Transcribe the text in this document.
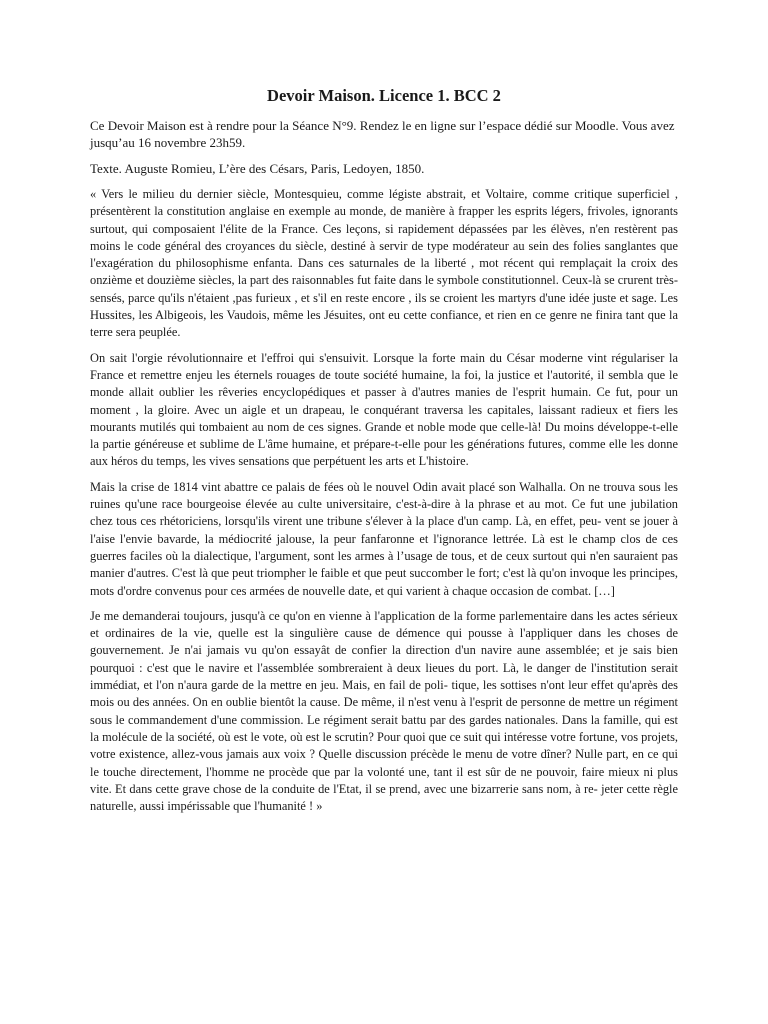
Devoir Maison. Licence 1. BCC 2

Ce Devoir Maison est à rendre pour la Séance N°9. Rendez le en ligne sur l’espace dédié sur Moodle. Vous avez jusqu’au 16 novembre 23h59.

Texte. Auguste Romieu, L’ère des Césars, Paris, Ledoyen, 1850.

« Vers le milieu du dernier siècle, Montesquieu, comme légiste abstrait, et Voltaire, comme critique superficiel , présentèrent la constitution anglaise en exemple au monde, de manière à frapper les esprits légers, frivoles, ignorants surtout, qui composaient l'élite de la France. Ces leçons, si rapidement dépassées par les élèves, n'en restèrent pas moins le code général des croyances du siècle, destiné à servir de type modérateur au sein des folies sanglantes que l'exagération du philosophisme enfanta. Dans ces saturnales de la liberté , mot récent qui remplaçait la croix des onzième et douzième siècles, la part des raisonnables fut faite dans le symbole constitutionnel. Ceux-là se crurent très-sensés, parce qu'ils n'étaient ,pas furieux , et s'il en reste encore , ils se croient les martyrs d'une idée juste et sage. Les Hussites, les Albigeois, les Vaudois, même les Jésuites, ont eu cette confiance, et rien en ce genre ne finira tant que la terre sera peuplée.

On sait l'orgie révolutionnaire et l'effroi qui s'ensuivit. Lorsque la forte main du César moderne vint régulariser la France et remettre enjeu les éternels rouages de toute société humaine, la foi, la justice et l'autorité, il sembla que le monde allait oublier les rêveries encyclopédiques et passer à d'autres manies de l'esprit humain. Ce fut, pour un moment , la gloire. Avec un aigle et un drapeau, le conquérant traversa les capitales, laissant radieux et fiers les mourants mutilés qui tombaient au nom de ces signes. Grande et noble mode que celle-là! Du moins développe-t-elle la partie généreuse et sublime de L'âme humaine, et prépare-t-elle pour les générations futures, comme elle les donne aux héros du temps, les vives sensations que perpétuent les arts et L'histoire.

Mais la crise de 1814 vint abattre ce palais de fées où le nouvel Odin avait placé son Walhalla. On ne trouva sous les ruines qu'une race bourgeoise élevée au culte universitaire, c'est-à-dire à la phrase et au mot. Ce fut une jubilation chez tous ces rhétoriciens, lorsqu'ils virent une tribune s'élever à la place d'un camp. Là, en effet, peu- vent se jouer à l'aise l'envie bavarde, la médiocrité jalouse, la peur fanfaronne et l'ignorance lettrée. Là est le champ clos de ces guerres faciles où la dialectique, l'argument, sont les armes à l’usage de tous, et de ceux surtout qui n'en sauraient pas manier d'autres. C'est là que peut triompher le faible et que peut succomber le fort; c'est là qu'on invoque les principes, mots d'ordre convenus pour ces armées de nouvelle date, et qui varient à chaque occasion de combat. […]

Je me demanderai toujours, jusqu'à ce qu'on en vienne à l'application de la forme parlementaire dans les actes sérieux et ordinaires de la vie, quelle est la singulière cause de démence qui pousse à l'appliquer dans les choses de gouvernement. Je n'ai jamais vu qu'on essayât de confier la direction d'un navire aune assemblée; et je sais bien pourquoi : c'est que le navire et l'assemblée sombreraient à deux lieues du port. Là, le danger de l'institution serait immédiat, et l'on n'aura garde de la mettre en jeu. Mais, en fail de poli- tique, les sottises n'ont leur effet qu'après des mois ou des années. On en oublie bientôt la cause. De même, il n'est venu à l'esprit de personne de mettre un régiment sous le commandement d'une commission. Le régiment serait battu par des gardes nationales. Dans la famille, qui est la molécule de la société, où est le vote, où est le scrutin? Pour quoi que ce suit qui intéresse votre fortune, vos projets, votre existence, allez-vous jamais aux voix ? Quelle discussion précède le menu de votre dîner? Nulle part, en ce qui le touche directement, l'homme ne procède que par la volonté une, tant il est sûr de ne pouvoir, faire mieux ni plus vite. Et dans cette grave chose de la conduite de l'Etat, il se prend, avec une bizarrerie sans nom, à re- jeter cette règle naturelle, aussi impérissable que l'humanité ! »
